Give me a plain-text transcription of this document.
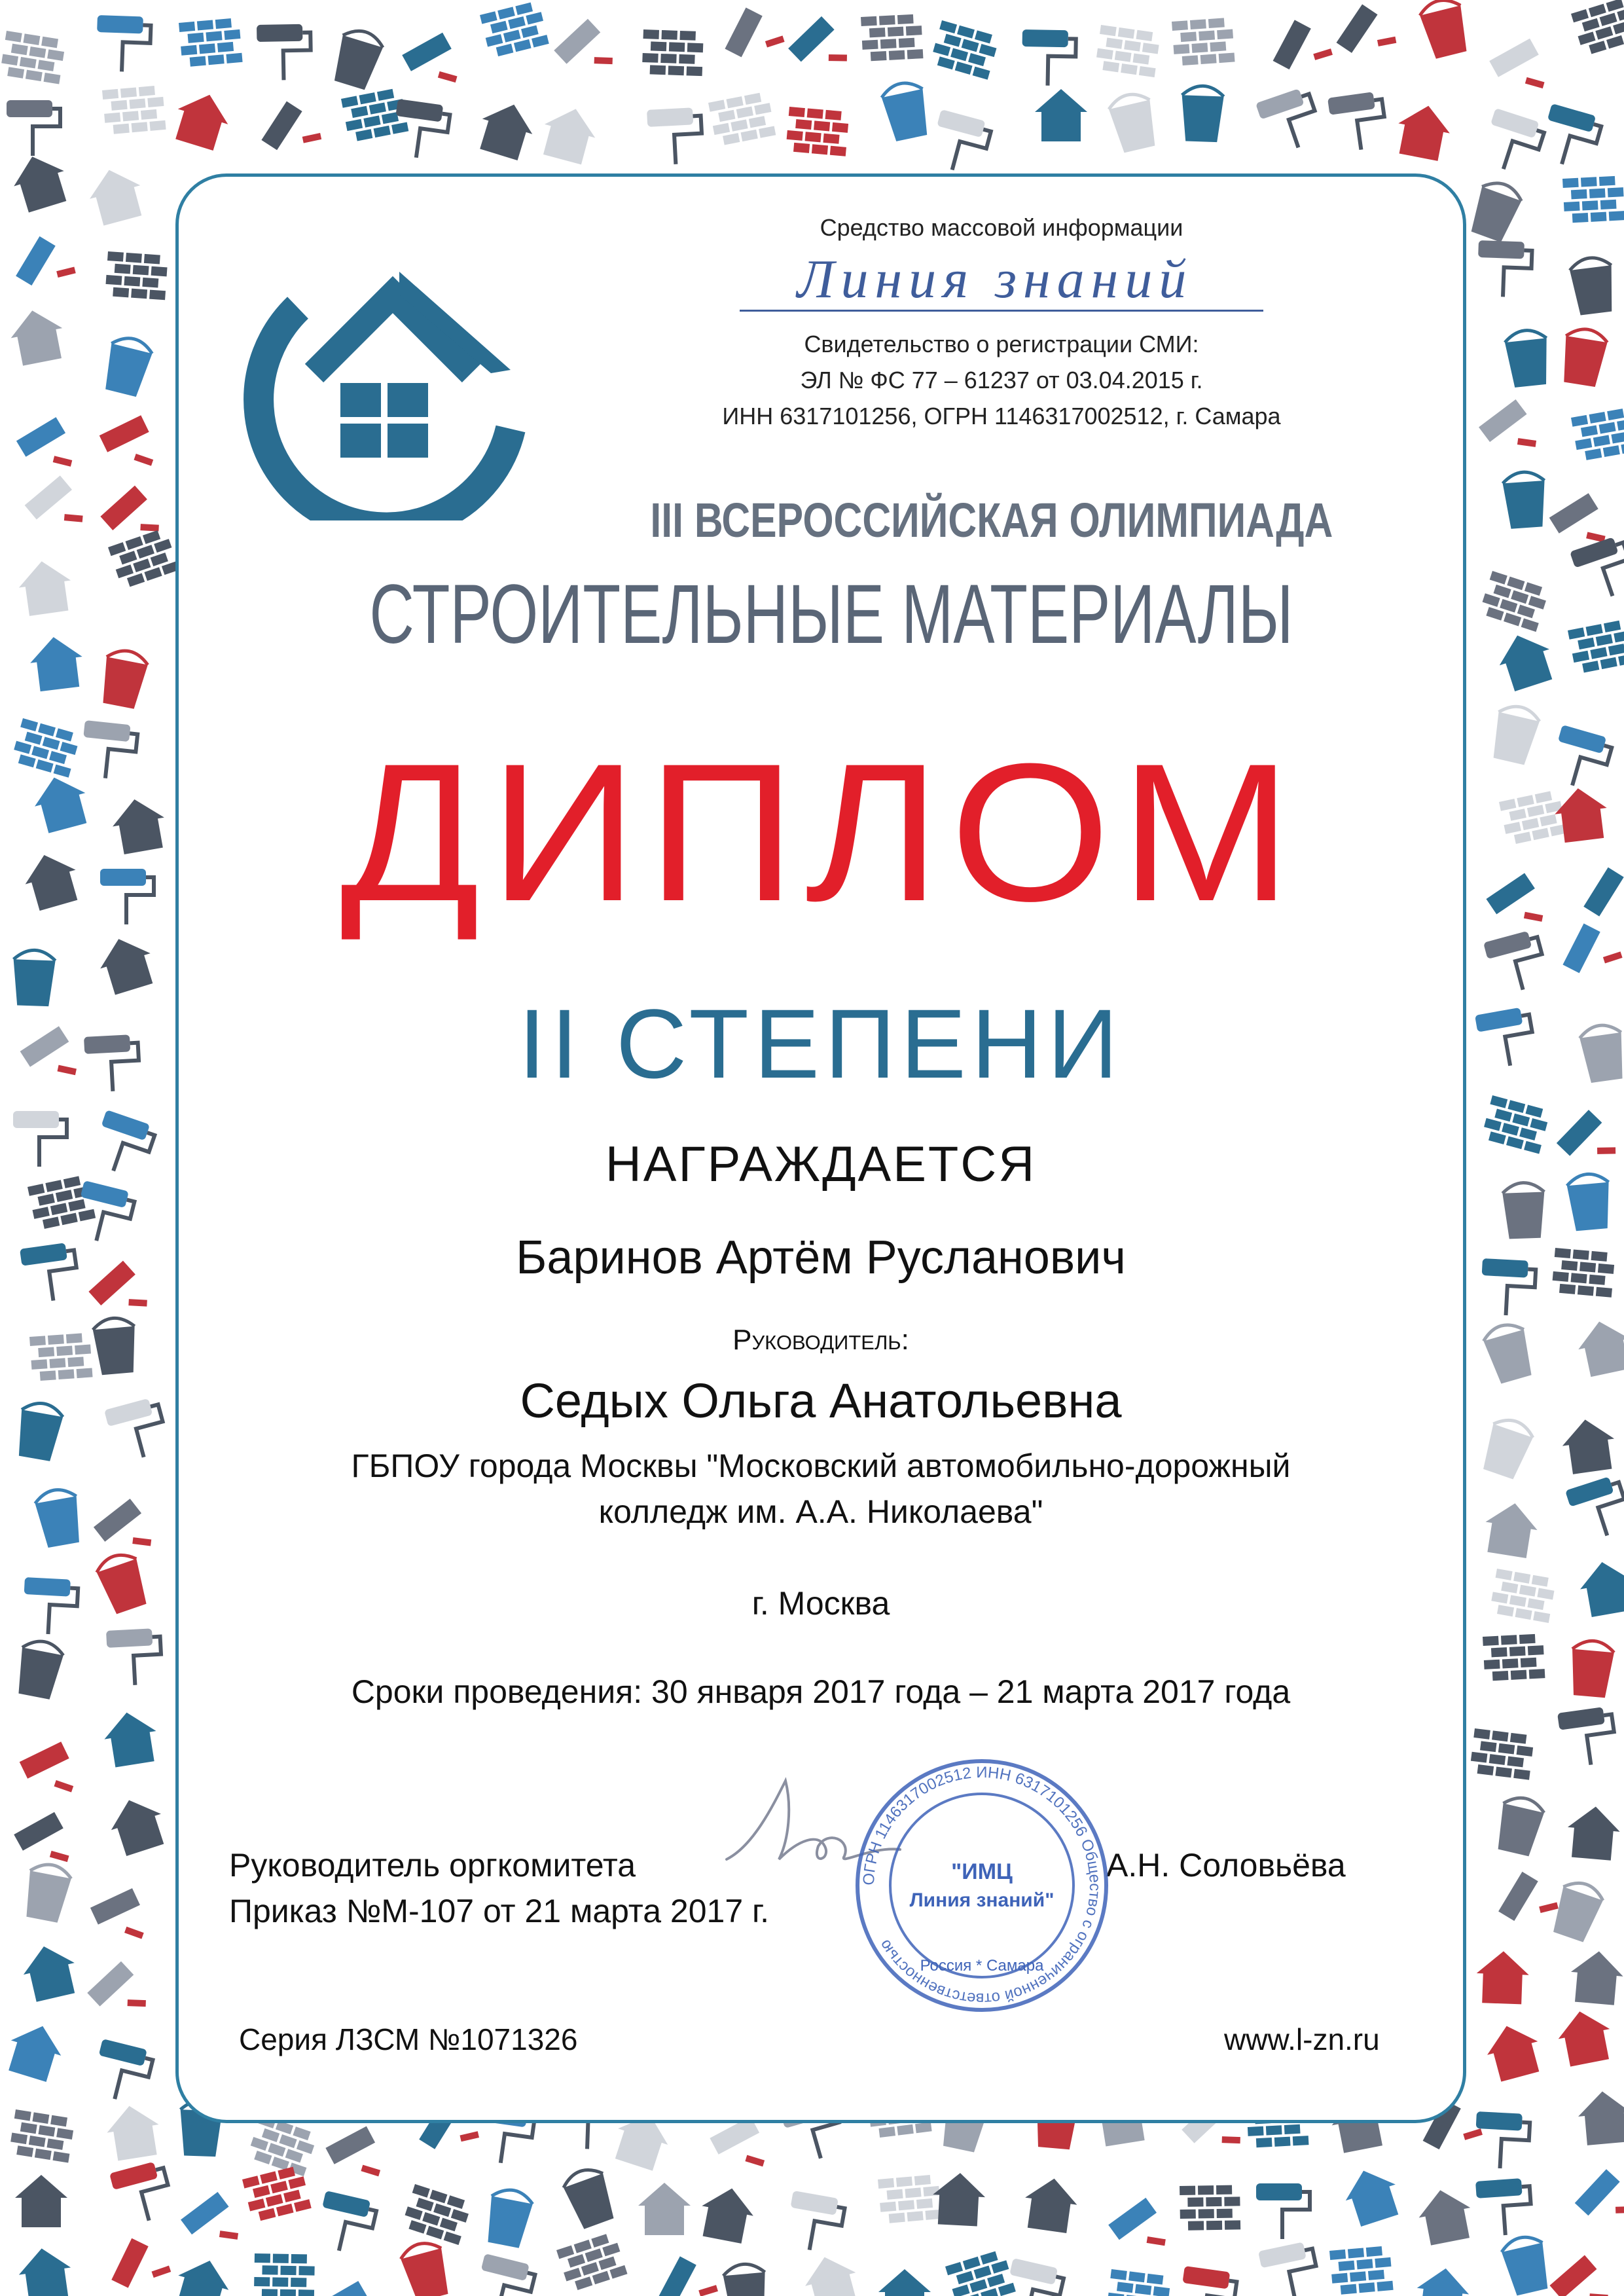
Средство массовой информации
Линия знаний
Свидетельство о регистрации СМИ:
ЭЛ № ФС 77 – 61237 от 03.04.2015 г.
ИНН 6317101256, ОГРН 1146317002512, г. Самара
III ВСЕРОССИЙСКАЯ ОЛИМПИАДА
СТРОИТЕЛЬНЫЕ МАТЕРИАЛЫ
ДИПЛОМ
II СТЕПЕНИ
НАГРАЖДАЕТСЯ
Баринов Артём Русланович
Руководитель:
Седых Ольга Анатольевна
ГБПОУ города Москвы "Московский автомобильно-дорожный
колледж им. А.А. Николаева"
г. Москва
Сроки проведения: 30 января 2017 года – 21 марта 2017 года
Руководитель оргкомитета
Приказ №М-107 от 21 марта 2017 г.
А.Н. Соловьёва
ОГРН 1146317002512 ИНН 6317101256 Общество с ограниченной ответственностью
"ИМЦ
Линия знаний"
Россия * Самара
Серия ЛЗСМ №1071326	www.l-zn.ru
